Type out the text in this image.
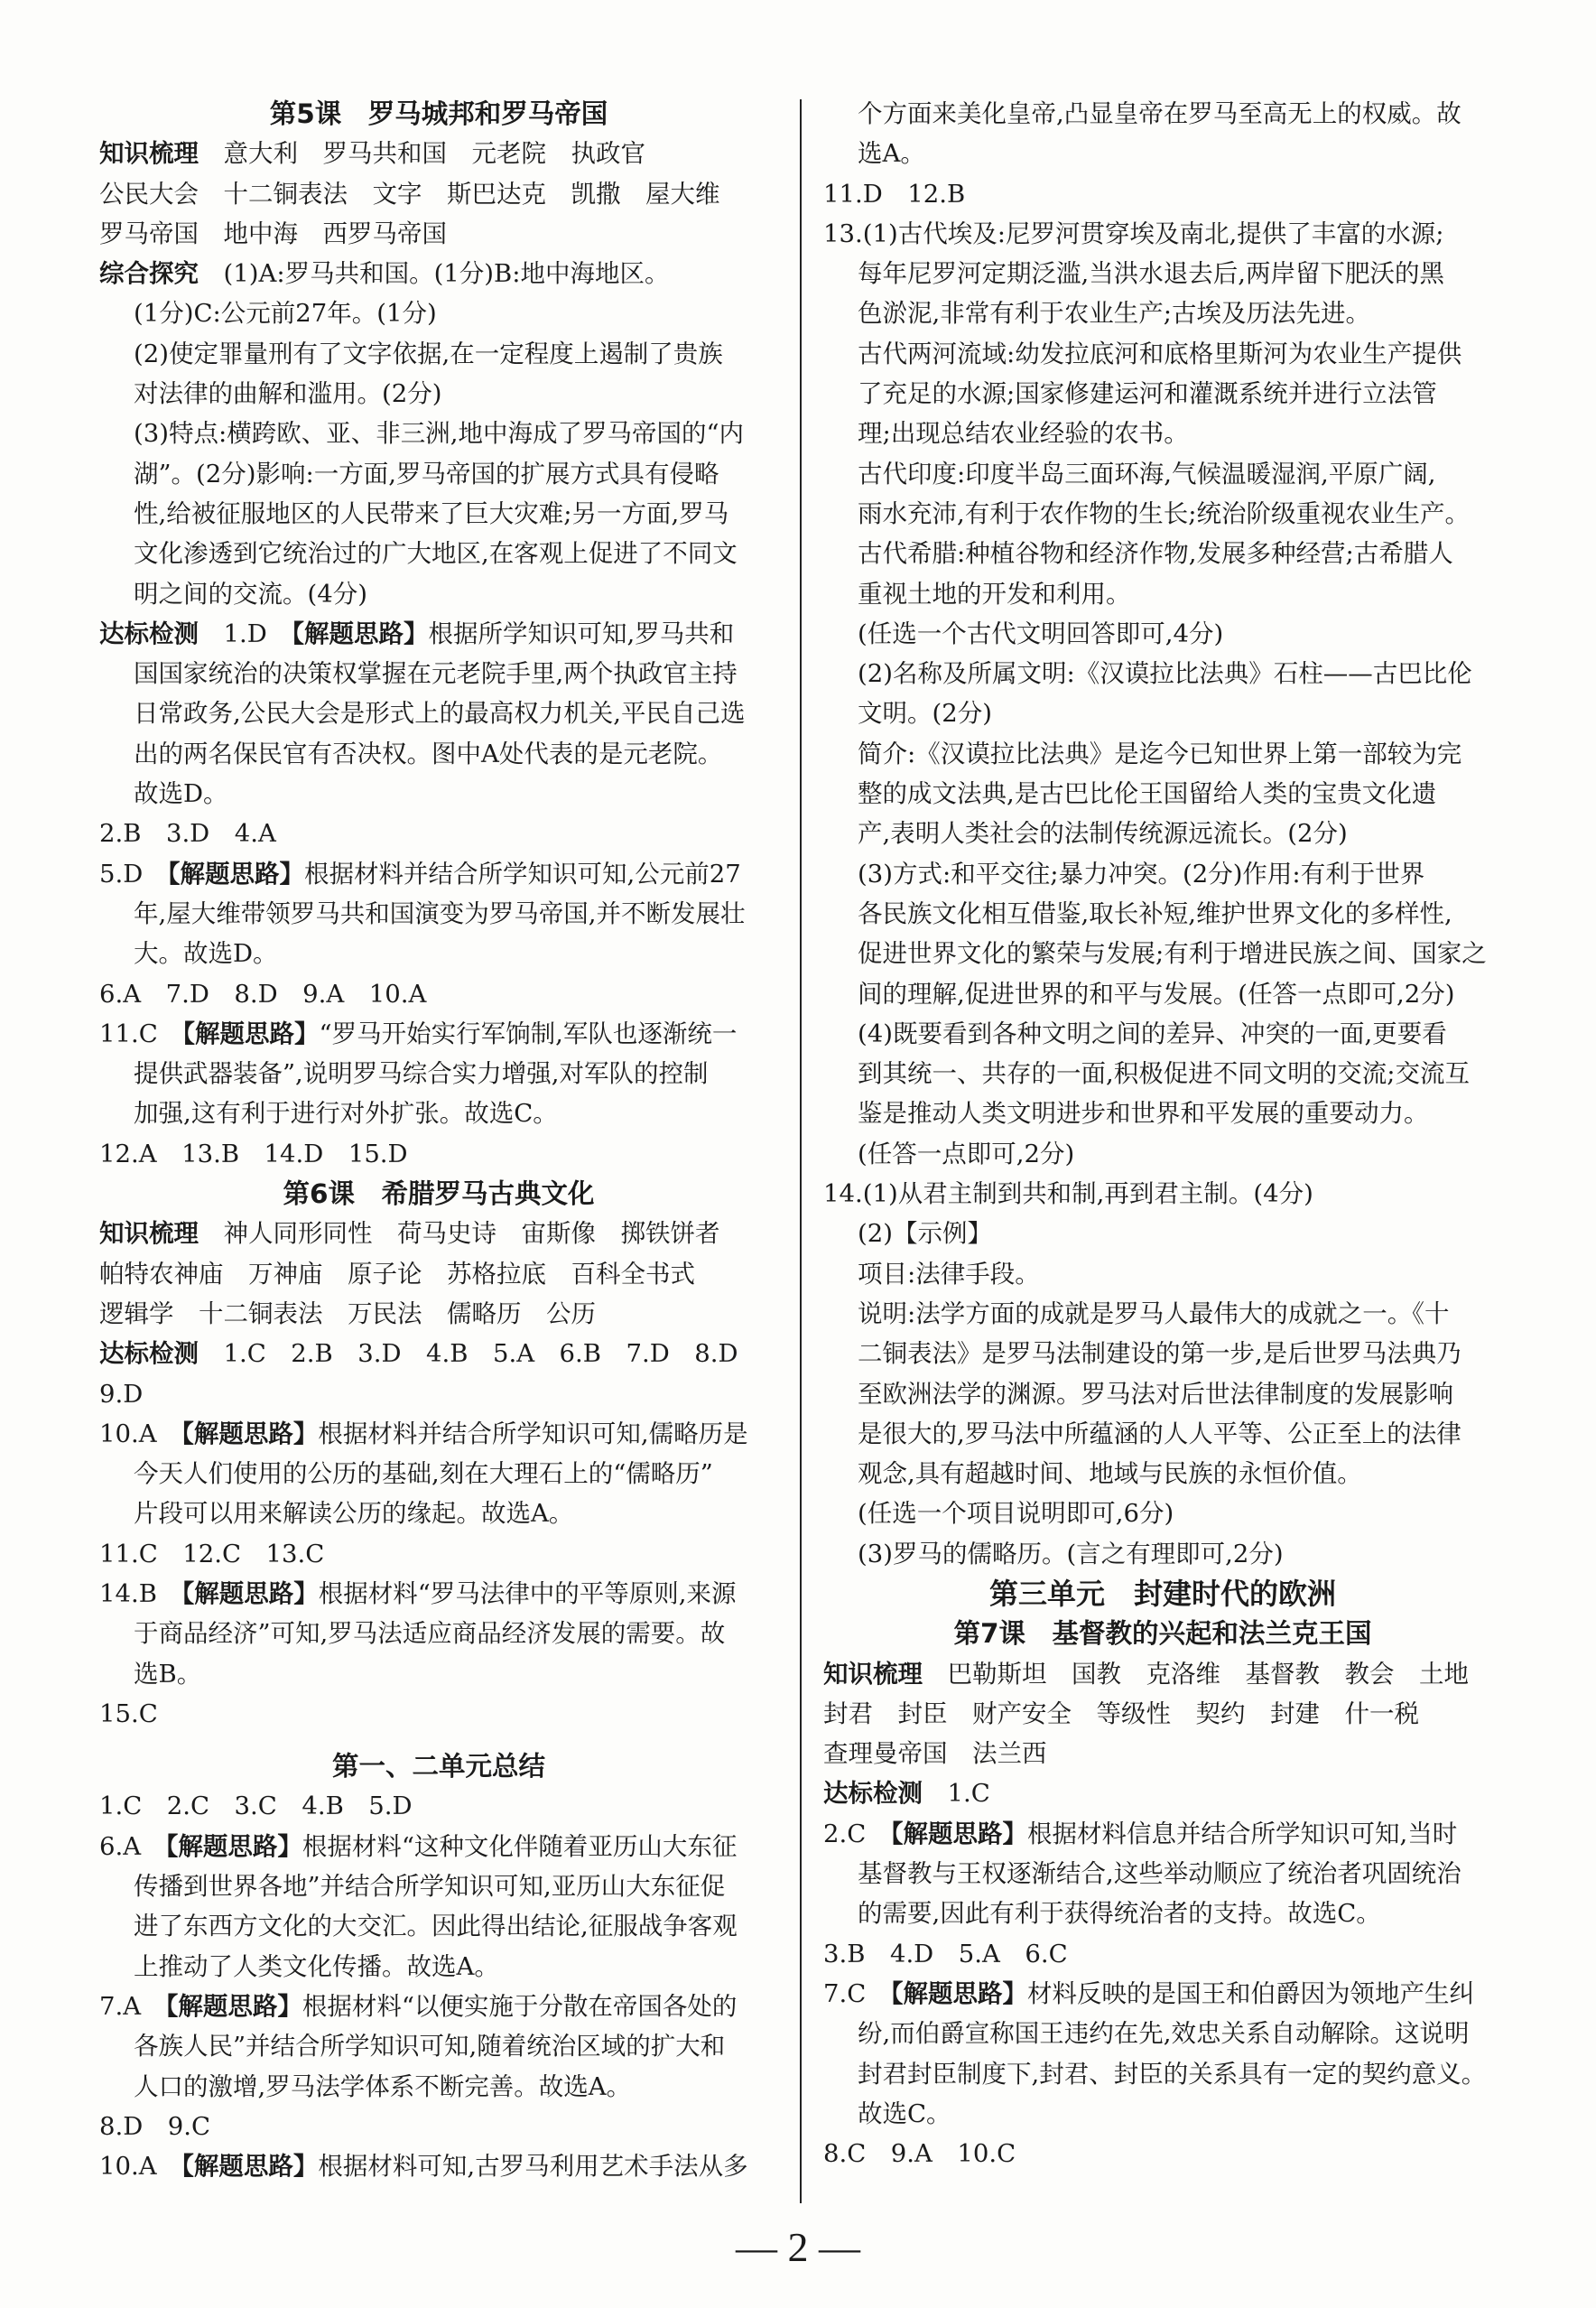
第5课　罗马城邦和罗马帝国
知识梳理　意大利　罗马共和国　元老院　执政官
公民大会　十二铜表法　文字　斯巴达克　凯撒　屋大维
罗马帝国　地中海　西罗马帝国
综合探究　(1)A:罗马共和国。(1分)B:地中海地区。
(1分)C:公元前27年。(1分)
(2)使定罪量刑有了文字依据,在一定程度上遏制了贵族
对法律的曲解和滥用。(2分)
(3)特点:横跨欧、亚、非三洲,地中海成了罗马帝国的“内
湖”。(2分)影响:一方面,罗马帝国的扩展方式具有侵略
性,给被征服地区的人民带来了巨大灾难;另一方面,罗马
文化渗透到它统治过的广大地区,在客观上促进了不同文
明之间的交流。(4分)
达标检测　1.D　【解题思路】根据所学知识可知,罗马共和
国国家统治的决策权掌握在元老院手里,两个执政官主持
日常政务,公民大会是形式上的最高权力机关,平民自己选
出的两名保民官有否决权。图中A处代表的是元老院。
故选D。
2.B　3.D　4.A
5.D　【解题思路】根据材料并结合所学知识可知,公元前27
年,屋大维带领罗马共和国演变为罗马帝国,并不断发展壮
大。故选D。
6.A　7.D　8.D　9.A　10.A
11.C　【解题思路】“罗马开始实行军饷制,军队也逐渐统一
提供武器装备”,说明罗马综合实力增强,对军队的控制
加强,这有利于进行对外扩张。故选C。
12.A　13.B　14.D　15.D
第6课　希腊罗马古典文化
知识梳理　神人同形同性　荷马史诗　宙斯像　掷铁饼者
帕特农神庙　万神庙　原子论　苏格拉底　百科全书式
逻辑学　十二铜表法　万民法　儒略历　公历
达标检测　1.C　2.B　3.D　4.B　5.A　6.B　7.D　8.D
9.D
10.A　【解题思路】根据材料并结合所学知识可知,儒略历是
今天人们使用的公历的基础,刻在大理石上的“儒略历”
片段可以用来解读公历的缘起。故选A。
11.C　12.C　13.C
14.B　【解题思路】根据材料“罗马法律中的平等原则,来源
于商品经济”可知,罗马法适应商品经济发展的需要。故
选B。
15.C
第一、二单元总结
1.C　2.C　3.C　4.B　5.D
6.A　【解题思路】根据材料“这种文化伴随着亚历山大东征
传播到世界各地”并结合所学知识可知,亚历山大东征促
进了东西方文化的大交汇。因此得出结论,征服战争客观
上推动了人类文化传播。故选A。
7.A　【解题思路】根据材料“以便实施于分散在帝国各处的
各族人民”并结合所学知识可知,随着统治区域的扩大和
人口的激增,罗马法学体系不断完善。故选A。
8.D　9.C
10.A　【解题思路】根据材料可知,古罗马利用艺术手法从多
个方面来美化皇帝,凸显皇帝在罗马至高无上的权威。故
选A。
11.D　12.B
13.(1)古代埃及:尼罗河贯穿埃及南北,提供了丰富的水源;
每年尼罗河定期泛滥,当洪水退去后,两岸留下肥沃的黑
色淤泥,非常有利于农业生产;古埃及历法先进。
古代两河流域:幼发拉底河和底格里斯河为农业生产提供
了充足的水源;国家修建运河和灌溉系统并进行立法管
理;出现总结农业经验的农书。
古代印度:印度半岛三面环海,气候温暖湿润,平原广阔,
雨水充沛,有利于农作物的生长;统治阶级重视农业生产。
古代希腊:种植谷物和经济作物,发展多种经营;古希腊人
重视土地的开发和利用。
(任选一个古代文明回答即可,4分)
(2)名称及所属文明:《汉谟拉比法典》石柱——古巴比伦
文明。(2分)
简介:《汉谟拉比法典》是迄今已知世界上第一部较为完
整的成文法典,是古巴比伦王国留给人类的宝贵文化遗
产,表明人类社会的法制传统源远流长。(2分)
(3)方式:和平交往;暴力冲突。(2分)作用:有利于世界
各民族文化相互借鉴,取长补短,维护世界文化的多样性,
促进世界文化的繁荣与发展;有利于增进民族之间、国家之
间的理解,促进世界的和平与发展。(任答一点即可,2分)
(4)既要看到各种文明之间的差异、冲突的一面,更要看
到其统一、共存的一面,积极促进不同文明的交流;交流互
鉴是推动人类文明进步和世界和平发展的重要动力。
(任答一点即可,2分)
14.(1)从君主制到共和制,再到君主制。(4分)
(2)【示例】
项目:法律手段。
说明:法学方面的成就是罗马人最伟大的成就之一。《十
二铜表法》是罗马法制建设的第一步,是后世罗马法典乃
至欧洲法学的渊源。罗马法对后世法律制度的发展影响
是很大的,罗马法中所蕴涵的人人平等、公正至上的法律
观念,具有超越时间、地域与民族的永恒价值。
(任选一个项目说明即可,6分)
(3)罗马的儒略历。(言之有理即可,2分)
第三单元　封建时代的欧洲
第7课　基督教的兴起和法兰克王国
知识梳理　巴勒斯坦　国教　克洛维　基督教　教会　土地
封君　封臣　财产安全　等级性　契约　封建　什一税
查理曼帝国　法兰西
达标检测　1.C
2.C　【解题思路】根据材料信息并结合所学知识可知,当时
基督教与王权逐渐结合,这些举动顺应了统治者巩固统治
的需要,因此有利于获得统治者的支持。故选C。
3.B　4.D　5.A　6.C
7.C　【解题思路】材料反映的是国王和伯爵因为领地产生纠
纷,而伯爵宣称国王违约在先,效忠关系自动解除。这说明
封君封臣制度下,封君、封臣的关系具有一定的契约意义。
故选C。
8.C　9.A　10.C
— 2 —
